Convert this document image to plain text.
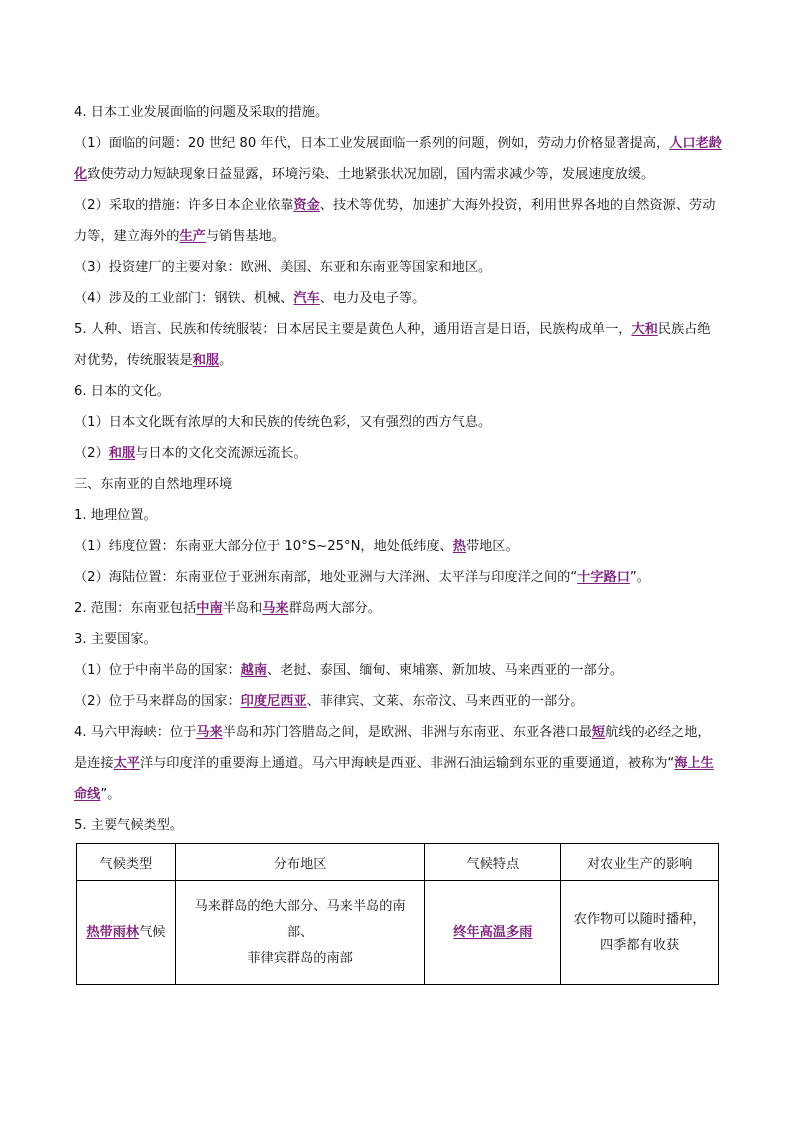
4. 日本工业发展面临的问题及采取的措施。

（1）面临的问题：20 世纪 80 年代，日本工业发展面临一系列的问题，例如，劳动力价格显著提高，人口老龄化致使劳动力短缺现象日益显露，环境污染、土地紧张状况加剧，国内需求减少等，发展速度放缓。

（2）采取的措施：许多日本企业依靠资金、技术等优势，加速扩大海外投资，利用世界各地的自然资源、劳动力等，建立海外的生产与销售基地。

（3）投资建厂的主要对象：欧洲、美国、东亚和东南亚等国家和地区。

（4）涉及的工业部门：钢铁、机械、汽车、电力及电子等。

5. 人种、语言、民族和传统服装：日本居民主要是黄色人种，通用语言是日语，民族构成单一，大和民族占绝对优势，传统服装是和服。

6. 日本的文化。

（1）日本文化既有浓厚的大和民族的传统色彩，又有强烈的西方气息。

（2）和服与日本的文化交流源远流长。

三、东南亚的自然地理环境

1. 地理位置。

（1）纬度位置：东南亚大部分位于 10°S~25°N，地处低纬度、热带地区。

（2）海陆位置：东南亚位于亚洲东南部，地处亚洲与大洋洲、太平洋与印度洋之间的“十字路口”。

2. 范围：东南亚包括中南半岛和马来群岛两大部分。

3. 主要国家。

（1）位于中南半岛的国家：越南、老挝、泰国、缅甸、柬埔寨、新加坡、马来西亚的一部分。

（2）位于马来群岛的国家：印度尼西亚、菲律宾、文莱、东帝汶、马来西亚的一部分。

4. 马六甲海峡：位于马来半岛和苏门答腊岛之间，是欧洲、非洲与东南亚、东亚各港口最短航线的必经之地，是连接太平洋与印度洋的重要海上通道。马六甲海峡是西亚、非洲石油运输到东亚的重要通道，被称为“海上生命线”。

5. 主要气候类型。

气候类型	分布地区	气候特点	对农业生产的影响
热带雨林气候	马来群岛的绝大部分、马来半岛的南部、
菲律宾群岛的南部	终年高温多雨	农作物可以随时播种，
四季都有收获
